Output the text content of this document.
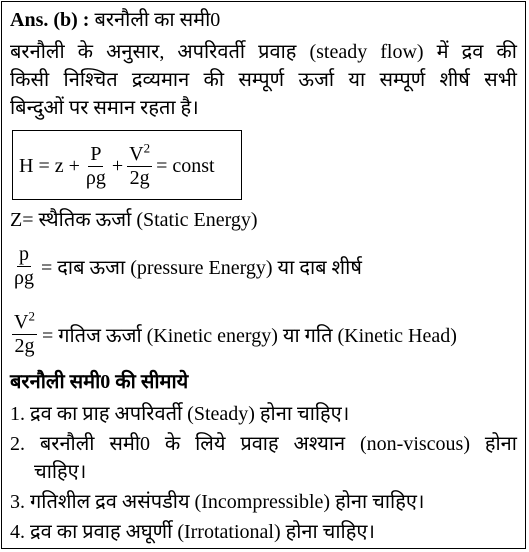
Ans. (b) : बरनौली का समी0
बरनौली के अनुसार, अपरिवर्ती प्रवाह (steady flow) में द्रव की
किसी निश्चित द्रव्यमान की सम्पूर्ण ऊर्जा या सम्पूर्ण शीर्ष सभी
बिन्दुओं पर समान रहता है।
$H = z + \frac{P}{\rho g} + \frac{V^2}{2g}$ = const
Z= स्थैतिक ऊर्जा (Static Energy)
$\frac{p}{\rho g}$ = दाब ऊजा (pressure Energy) या दाब शीर्ष
$\frac{V^2}{2g}$ = गतिज ऊर्जा (Kinetic energy) या गति (Kinetic Head)
बरनौली समी0 की सीमाये
1. द्रव का प्राह अपरिवर्ती (Steady) होना चाहिए।
2. बरनौली समी0 के लिये प्रवाह अश्यान (non-viscous) होना
चाहिए।
3. गतिशील द्रव असंपडीय (Incompressible) होना चाहिए।
4. द्रव का प्रवाह अघूर्णी (Irrotational) होना चाहिए।
